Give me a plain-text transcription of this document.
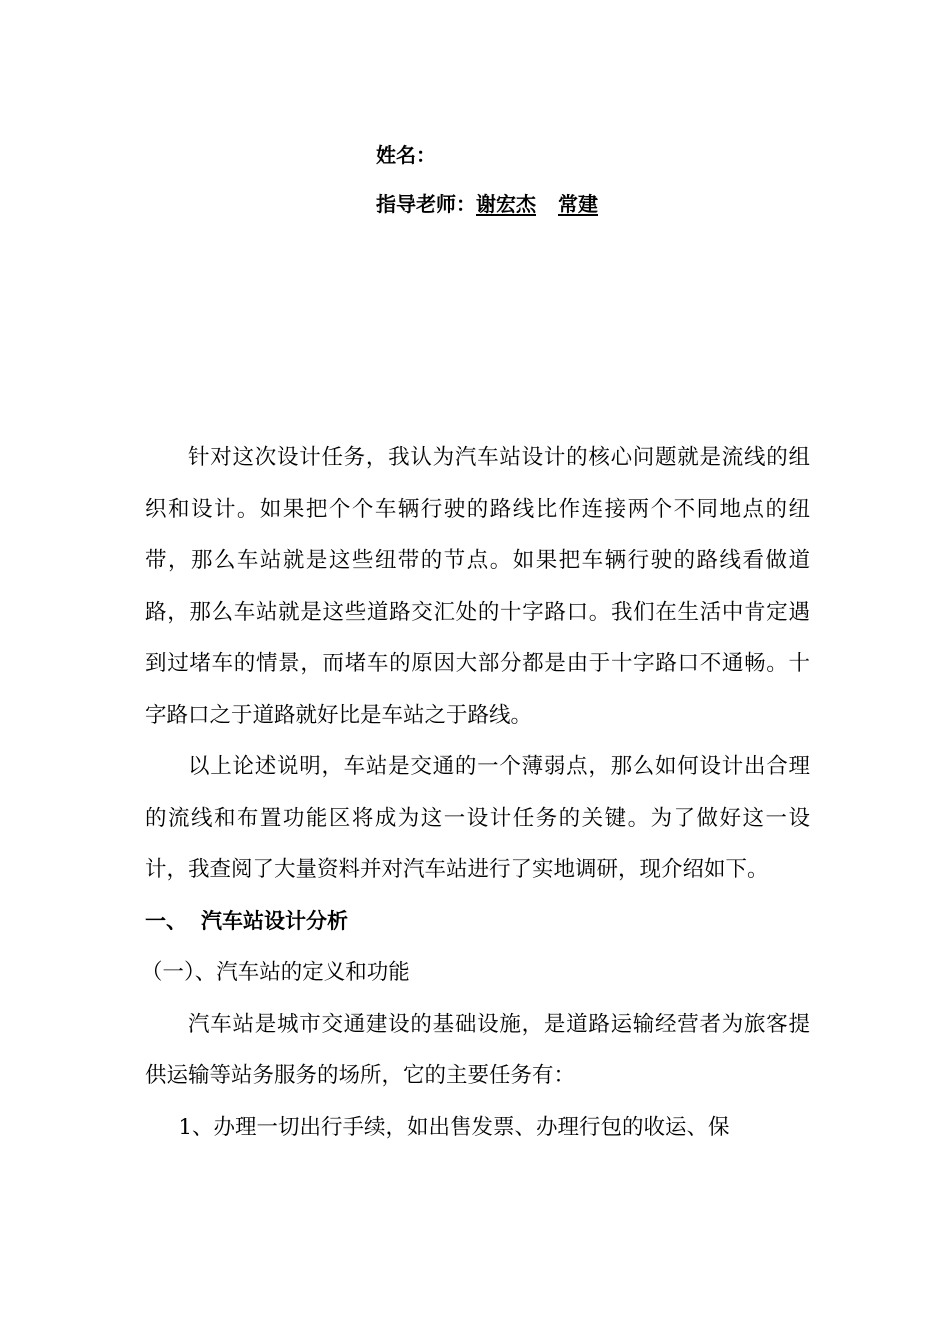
姓名：
指导老师：谢宏杰 常建

针对这次设计任务，我认为汽车站设计的核心问题就是流线的组织和设计。如果把个个车辆行驶的路线比作连接两个不同地点的纽带，那么车站就是这些纽带的节点。如果把车辆行驶的路线看做道路，那么车站就是这些道路交汇处的十字路口。我们在生活中肯定遇到过堵车的情景，而堵车的原因大部分都是由于十字路口不通畅。十字路口之于道路就好比是车站之于路线。

以上论述说明，车站是交通的一个薄弱点，那么如何设计出合理的流线和布置功能区将成为这一设计任务的关键。为了做好这一设计，我查阅了大量资料并对汽车站进行了实地调研，现介绍如下。

一、 汽车站设计分析

（一）、汽车站的定义和功能

汽车站是城市交通建设的基础设施，是道路运输经营者为旅客提供运输等站务服务的场所，它的主要任务有：

1、办理一切出行手续，如出售发票、办理行包的收运、保
